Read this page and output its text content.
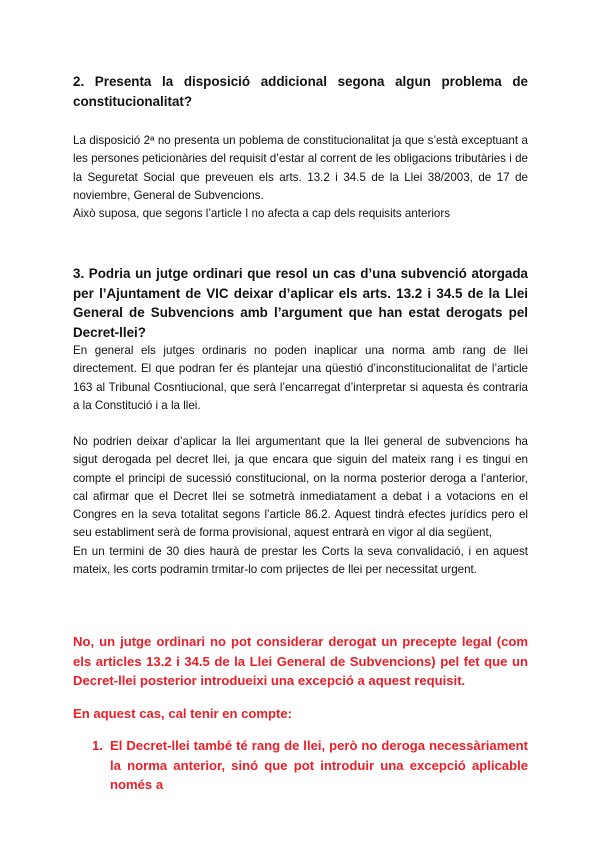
2. Presenta la disposició addicional segona algun problema de constitucionalitat?

La disposició 2ª no presenta un poblema de constitucionalitat ja que s’està exceptuant a les persones peticionàries del requisit d’estar al corrent de les obligacions tributàries i de la Seguretat Social que preveuen els arts. 13.2 i 34.5 de la Llei 38/2003, de 17 de noviembre, General de Subvencions.

Això suposa, que segons l’article I no afecta a cap dels requisits anteriors

3. Podria un jutge ordinari que resol un cas d’una subvenció atorgada per l’Ajuntament de VIC deixar d’aplicar els arts. 13.2 i 34.5 de la Llei General de Subvencions amb l’argument que han estat derogats pel Decret-llei?

En general els jutges ordinaris no poden inaplicar una norma amb rang de llei directement. El que podran fer és plantejar una qüestió d’inconstitucionalitat de l’article 163 al Tribunal Cosntiucional, que serà l’encarregat d’interpretar si aquesta és contraria a la Constitució i a la llei.

No podrien deixar d’aplicar la llei argumentant que la llei general de subvencions ha sigut derogada pel decret llei, ja que encara que siguin del mateix rang i es tingui en compte el principi de sucessió constitucional, on la norma posterior deroga a l’anterior, cal afirmar que el Decret llei se sotmetrà inmediatament a debat i a votacions en el Congres en la seva totalitat segons l’article 86.2. Aquest tindrà efectes jurídics pero el seu establiment serà de forma provisional, aquest entrarà en vigor al dia següent,

En un termini de 30 dies haurà de prestar les Corts la seva convalidació, i en aquest mateix, les corts podramin trmitar-lo com prijectes de llei per necessitat urgent.

No, un jutge ordinari no pot considerar derogat un precepte legal (com els articles 13.2 i 34.5 de la Llei General de Subvencions) pel fet que un Decret-llei posterior introdueixi una excepció a aquest requisit.

En aquest cas, cal tenir en compte:

1. El Decret-llei també té rang de llei, però no deroga necessàriament la norma anterior, sinó que pot introduir una excepció aplicable només a
